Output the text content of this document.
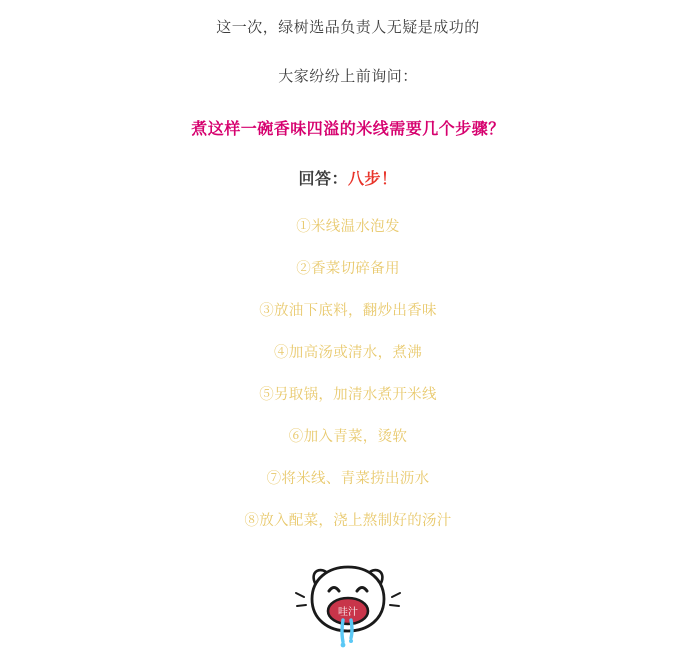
这一次，绿树选品负责人无疑是成功的
大家纷纷上前询问：
煮这样一碗香味四溢的米线需要几个步骤？
回答：八步！
①米线温水泡发
②香菜切碎备用
③放油下底料，翻炒出香味
④加高汤或清水，煮沸
⑤另取锅，加清水煮开米线
⑥加入青菜，烫软
⑦将米线、青菜捞出沥水
⑧放入配菜，浇上熬制好的汤汁
哇汁
